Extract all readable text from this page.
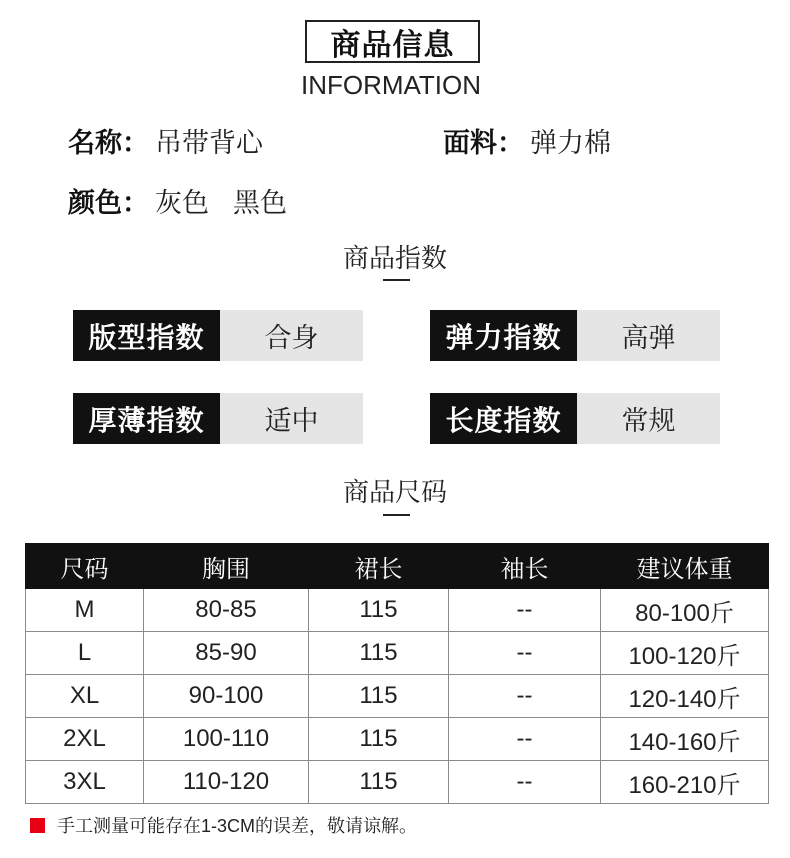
商品信息
INFORMATION
名称： 吊带背心	面料： 弹力棉
颜色： 灰色 黑色
商品指数
版型指数	合身	弹力指数	高弹
厚薄指数	适中	长度指数	常规
商品尺码
尺码	胸围	裙长	袖长	建议体重
M	80-85	115	--	80-100斤
L	85-90	115	--	100-120斤
XL	90-100	115	--	120-140斤
2XL	100-110	115	--	140-160斤
3XL	110-120	115	--	160-210斤
手工测量可能存在1-3CM的误差，敬请谅解。
